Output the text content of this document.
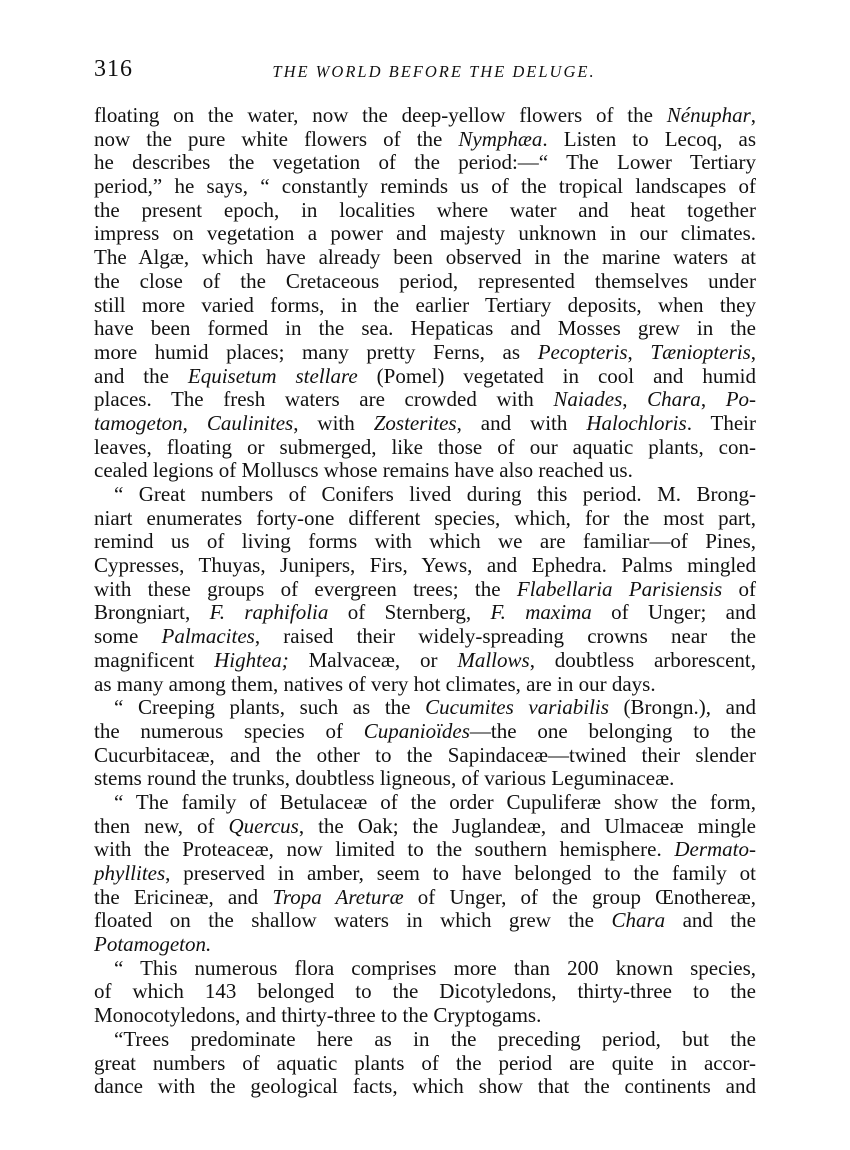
316	THE WORLD BEFORE THE DELUGE.
floating on the water, now the deep-yellow flowers of the Nénuphar,
now the pure white flowers of the Nymphæa. Listen to Lecoq, as
he describes the vegetation of the period:—“ The Lower Tertiary
period,” he says, “ constantly reminds us of the tropical landscapes of
the present epoch, in localities where water and heat together
impress on vegetation a power and majesty unknown in our climates.
The Algæ, which have already been observed in the marine waters at
the close of the Cretaceous period, represented themselves under
still more varied forms, in the earlier Tertiary deposits, when they
have been formed in the sea. Hepaticas and Mosses grew in the
more humid places; many pretty Ferns, as Pecopteris, Tæniopteris,
and the Equisetum stellare (Pomel) vegetated in cool and humid
places. The fresh waters are crowded with Naiades, Chara, Po-
tamogeton, Caulinites, with Zosterites, and with Halochloris. Their
leaves, floating or submerged, like those of our aquatic plants, con-
cealed legions of Molluscs whose remains have also reached us.
“ Great numbers of Conifers lived during this period. M. Brong-
niart enumerates forty-one different species, which, for the most part,
remind us of living forms with which we are familiar—of Pines,
Cypresses, Thuyas, Junipers, Firs, Yews, and Ephedra. Palms mingled
with these groups of evergreen trees; the Flabellaria Parisiensis of
Brongniart, F. raphifolia of Sternberg, F. maxima of Unger; and
some Palmacites, raised their widely-spreading crowns near the
magnificent Hightea; Malvaceæ, or Mallows, doubtless arborescent,
as many among them, natives of very hot climates, are in our days.
“ Creeping plants, such as the Cucumites variabilis (Brongn.), and
the numerous species of Cupanioïdes—the one belonging to the
Cucurbitaceæ, and the other to the Sapindaceæ—twined their slender
stems round the trunks, doubtless ligneous, of various Leguminaceæ.
“ The family of Betulaceæ of the order Cupuliferæ show the form,
then new, of Quercus, the Oak; the Juglandeæ, and Ulmaceæ mingle
with the Proteaceæ, now limited to the southern hemisphere. Dermato-
phyllites, preserved in amber, seem to have belonged to the family ot
the Ericineæ, and Tropa Areturæ of Unger, of the group Œnothereæ,
floated on the shallow waters in which grew the Chara and the
Potamogeton.
“ This numerous flora comprises more than 200 known species,
of which 143 belonged to the Dicotyledons, thirty-three to the
Monocotyledons, and thirty-three to the Cryptogams.
“Trees predominate here as in the preceding period, but the
great numbers of aquatic plants of the period are quite in accor-
dance with the geological facts, which show that the continents and
